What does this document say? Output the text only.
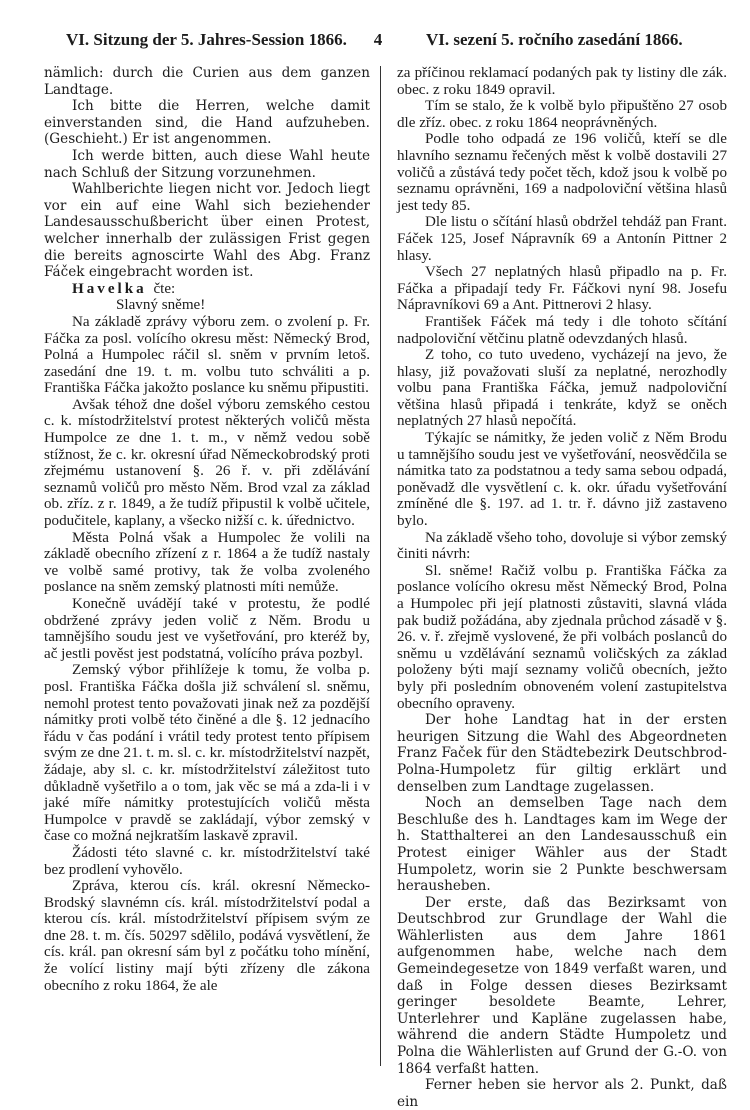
VI. Sitzung der 5. Jahres-Session 1866.	4	VI. sezení 5. ročního zasedání 1866.

nämlich: durch die Curien aus dem ganzen Landtage.

Ich bitte die Herren, welche damit einverstanden sind, die Hand aufzuheben. (Geschieht.) Er ist angenommen.

Ich werde bitten, auch diese Wahl heute nach Schluß der Sitzung vorzunehmen.

Wahlberichte liegen nicht vor. Jedoch liegt vor ein auf eine Wahl sich beziehender Landesausschußbericht über einen Protest, welcher innerhalb der zulässigen Frist gegen die bereits agnoscirte Wahl des Abg. Franz Fáček eingebracht worden ist.

Havelka čte:

Slavný sněme!

Na základě zprávy výboru zem. o zvolení p. Fr. Fáčka za posl. volícího okresu měst: Německý Brod, Polná a Humpolec ráčil sl. sněm v prvním letoš. zasedání dne 19. t. m. volbu tuto schváliti a p. Františka Fáčka jakožto poslance ku sněmu připustiti.

Avšak téhož dne došel výboru zemského cestou c. k. místodržitelství protest některých voličů města Humpolce ze dne 1. t. m., v němž vedou sobě stížnost, že c. kr. okresní úřad Německobrodský proti zřejmému ustanovení §. 26 ř. v. při zdělávání seznamů voličů pro město Něm. Brod vzal za základ ob. zříz. z r. 1849, a že tudíž připustil k volbě učitele, podučitele, kaplany, a všecko nižší c. k. úřednictvo.

Města Polná však a Humpolec že volili na základě obecního zřízení z r. 1864 a že tudíž nastaly ve volbě samé protivy, tak že volba zvoleného poslance na sněm zemský platnosti míti nemůže.

Konečně uvádějí také v protestu, že podlé obdržené zprávy jeden volič z Něm. Brodu u tamnějšího soudu jest ve vyšetřování, pro kteréž by, ač jestli pověst jest podstatná, volícího práva pozbyl.

Zemský výbor přihlížeje k tomu, že volba p. posl. Františka Fáčka došla již schválení sl. sněmu, nemohl protest tento považovati jinak než za pozdější námitky proti volbě této činěné a dle §. 12 jednacího řádu v čas podání i vrátil tedy protest tento přípisem svým ze dne 21. t. m. sl. c. kr. místodržitelství nazpět, žádaje, aby sl. c. kr. místodržitelství záležitost tuto důkladně vyšetřilo a o tom, jak věc se má a zda-li i v jaké míře námitky protestujících voličů města Humpolce v pravdě se zakládají, výbor zemský v čase co možná nejkratším laskavě zpravil.

Žádosti této slavné c. kr. místodržitelství také bez prodlení vyhovělo.

Zpráva, kterou cís. král. okresní Německo-Brodský slavnémn cís. král. místodržitelství podal a kterou cís. král. místodržitelství přípisem svým ze dne 28. t. m. čís. 50297 sdělilo, podává vysvětlení, že cís. král. pan okresní sám byl z počátku toho mínění, že volící listiny mají býti zřízeny dle zákona obecního z roku 1864, že ale

za příčinou reklamací podaných pak ty listiny dle zák. obec. z roku 1849 opravil.

Tím se stalo, že k volbě bylo připuštěno 27 osob dle zříz. obec. z roku 1864 neoprávněných.

Podle toho odpadá ze 196 voličů, kteří se dle hlavního seznamu řečených měst k volbě dostavili 27 voličů a zůstává tedy počet těch, kdož jsou k volbě po seznamu oprávněni, 169 a nadpoloviční většina hlasů jest tedy 85.

Dle listu o sčítání hlasů obdržel tehdáž pan Frant. Fáček 125, Josef Nápravník 69 a Antonín Pittner 2 hlasy.

Všech 27 neplatných hlasů připadlo na p. Fr. Fáčka a připadají tedy Fr. Fáčkovi nyní 98. Josefu Nápravníkovi 69 a Ant. Pittnerovi 2 hlasy.

František Fáček má tedy i dle tohoto sčítání nadpoloviční větčinu platně odevzdaných hlasů.

Z toho, co tuto uvedeno, vycházejí na jevo, že hlasy, již považovati sluší za neplatné, nerozhodly volbu pana Františka Fáčka, jemuž nadpoloviční většina hlasů připadá i tenkráte, když se oněch neplatných 27 hlasů nepočítá.

Týkajíc se námitky, že jeden volič z Něm Brodu u tamnějšího soudu jest ve vyšetřování, neosvědčila se námitka tato za podstatnou a tedy sama sebou odpadá, poněvadž dle vysvětlení c. k. okr. úřadu vyšetřování zmíněné dle §. 197. ad 1. tr. ř. dávno již zastaveno bylo.

Na základě všeho toho, dovoluje si výbor zemský činiti návrh:

Sl. sněme! Račiž volbu p. Františka Fáčka za poslance volícího okresu měst Německý Brod, Polna a Humpolec při její platnosti zůstaviti, slavná vláda pak budiž požádána, aby zjednala průchod zásadě v §. 26. v. ř. zřejmě vyslovené, že při volbách poslanců do sněmu u vzdělávání seznamů voličských za základ položeny býti mají seznamy voličů obecních, ježto byly při posledním obnoveném volení zastupitelstva obecního opraveny.

Der hohe Landtag hat in der ersten heurigen Sitzung die Wahl des Abgeordneten Franz Faček für den Städtebezirk Deutschbrod-Polna-Humpoletz für giltig erklärt und denselben zum Landtage zugelassen.

Noch an demselben Tage nach dem Beschluße des h. Landtages kam im Wege der h. Statthalterei an den Landesausschuß ein Protest einiger Wähler aus der Stadt Humpoletz, worin sie 2 Punkte beschwersam herausheben.

Der erste, daß das Bezirksamt von Deutschbrod zur Grundlage der Wahl die Wählerlisten aus dem Jahre 1861 aufgenommen habe, welche nach dem Gemeindegesetze von 1849 verfaßt waren, und daß in Folge dessen dieses Bezirksamt geringer besoldete Beamte, Lehrer, Unterlehrer und Kapläne zugelassen habe, während die andern Städte Humpoletz und Polna die Wählerlisten auf Grund der G.-O. von 1864 verfaßt hatten.

Ferner heben sie hervor als 2. Punkt, daß ein
